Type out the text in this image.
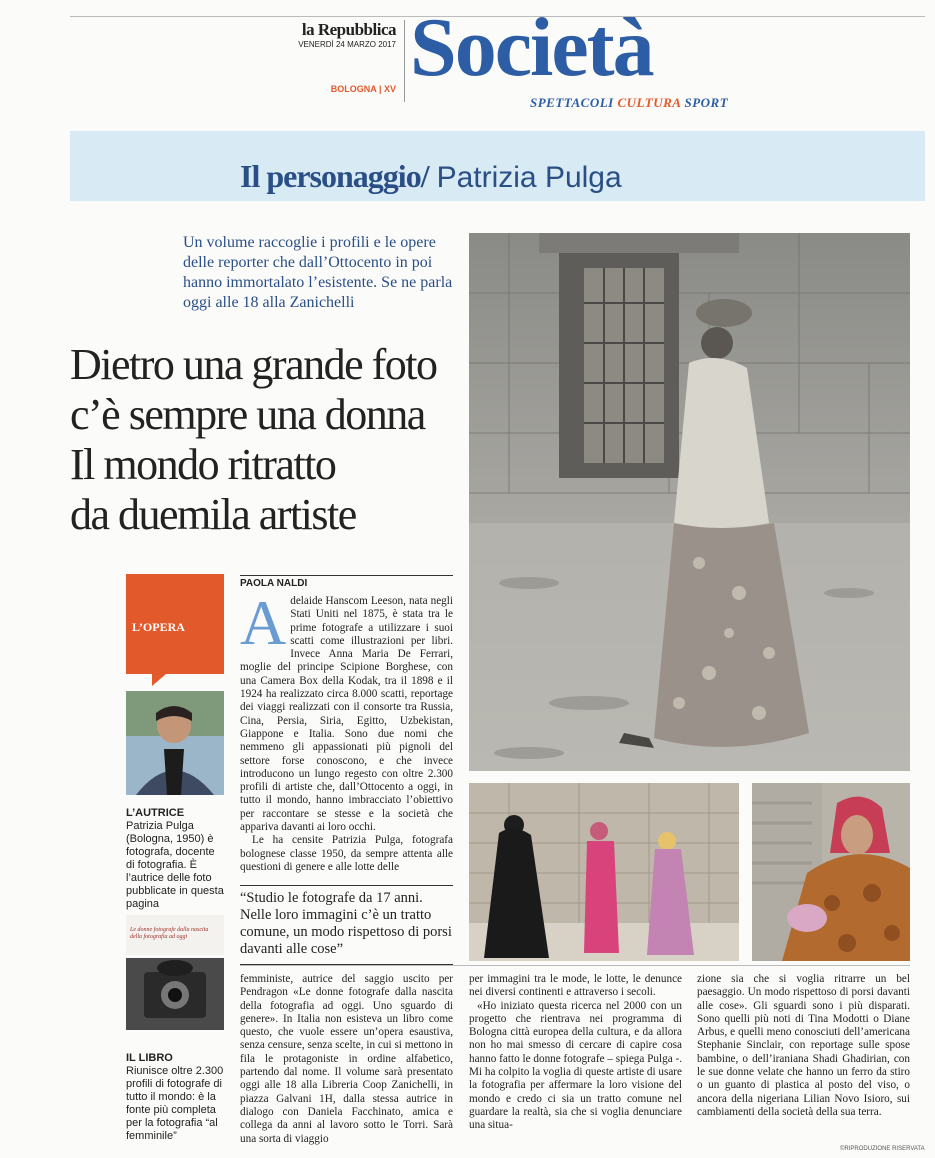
la Repubblica
VENERDÌ 24 MARZO 2017
BOLOGNA | XV Società
SPETTACOLI CULTURA SPORT
Il personaggio/ Patrizia Pulga
Un volume raccoglie i profili e le opere delle reporter che dall’Ottocento in poi hanno immortalato l’esistente. Se ne parla oggi alle 18 alla Zanichelli
Dietro una grande foto
c’è sempre una donna
Il mondo ritratto
da duemila artiste
L’OPERA
L’AUTRICE
Patrizia Pulga (Bologna, 1950) è fotografa, docente di fotografia. È l’autrice delle foto pubblicate in questa pagina
Le donne fotografe dalla nascita della fotografia ad oggi
IL LIBRO
Riunisce oltre 2.300 profili di fotografe di tutto il mondo: è la fonte più completa per la fotografia “al femminile”
PAOLA NALDI
A delaide Hanscom Leeson, nata negli Stati Uniti nel 1875, è stata tra le prime fotografe a utilizzare i suoi scatti come illustrazioni per libri. Invece Anna Maria De Ferrari, moglie del principe Scipione Borghese, con una Camera Box della Kodak, tra il 1898 e il 1924 ha realizzato circa 8.000 scatti, reportage dei viaggi realizzati con il consorte tra Russia, Cina, Persia, Siria, Egitto, Uzbekistan, Giappone e Italia. Sono due nomi che nemmeno gli appassionati più pignoli del settore forse conoscono, e che invece introducono un lungo regesto con oltre 2.300 profili di artiste che, dall’Ottocento a oggi, in tutto il mondo, hanno imbracciato l’obiettivo per raccontare se stesse e la società che appariva davanti ai loro occhi.

Le ha censite Patrizia Pulga, fotografa bolognese classe 1950, da sempre attenta alle questioni di genere e alle lotte delle

“Studio le fotografe da 17 anni. Nelle loro immagini c’è un tratto comune, un modo rispettoso di porsi davanti alle cose”
femministe, autrice del saggio uscito per Pendragon «Le donne fotografe dalla nascita della fotografia ad oggi. Uno sguardo di genere». In Italia non esisteva un libro come questo, che vuole essere un’opera esaustiva, senza censure, senza scelte, in cui si mettono in fila le protagoniste in ordine alfabetico, partendo dal nome. Il volume sarà presentato oggi alle 18 alla Libreria Coop Zanichelli, in piazza Galvani 1H, dalla stessa autrice in dialogo con Daniela Facchinato, amica e collega da anni al lavoro sotto le Torri. Sarà una sorta di viaggio

per immagini tra le mode, le lotte, le denunce nei diversi continenti e attraverso i secoli.

«Ho iniziato questa ricerca nel 2000 con un progetto che rientrava nei programma di Bologna città europea della cultura, e da allora non ho mai smesso di cercare di capire cosa hanno fatto le donne fotografe – spiega Pulga -. Mi ha colpito la voglia di queste artiste di usare la fotografia per affermare la loro visione del mondo e credo ci sia un tratto comune nel guardare la realtà, sia che si voglia denunciare una situa-

zione sia che si voglia ritrarre un bel paesaggio. Un modo rispettoso di porsi davanti alle cose». Gli sguardi sono i più disparati. Sono quelli più noti di Tina Modotti o Diane Arbus, e quelli meno conosciuti dell’americana Stephanie Sinclair, con reportage sulle spose bambine, o dell’iraniana Shadi Ghadirian, con le sue donne velate che hanno un ferro da stiro o un guanto di plastica al posto del viso, o ancora della nigeriana Lilian Novo Isioro, sui cambiamenti della società della sua terra.
©RIPRODUZIONE RISERVATA
